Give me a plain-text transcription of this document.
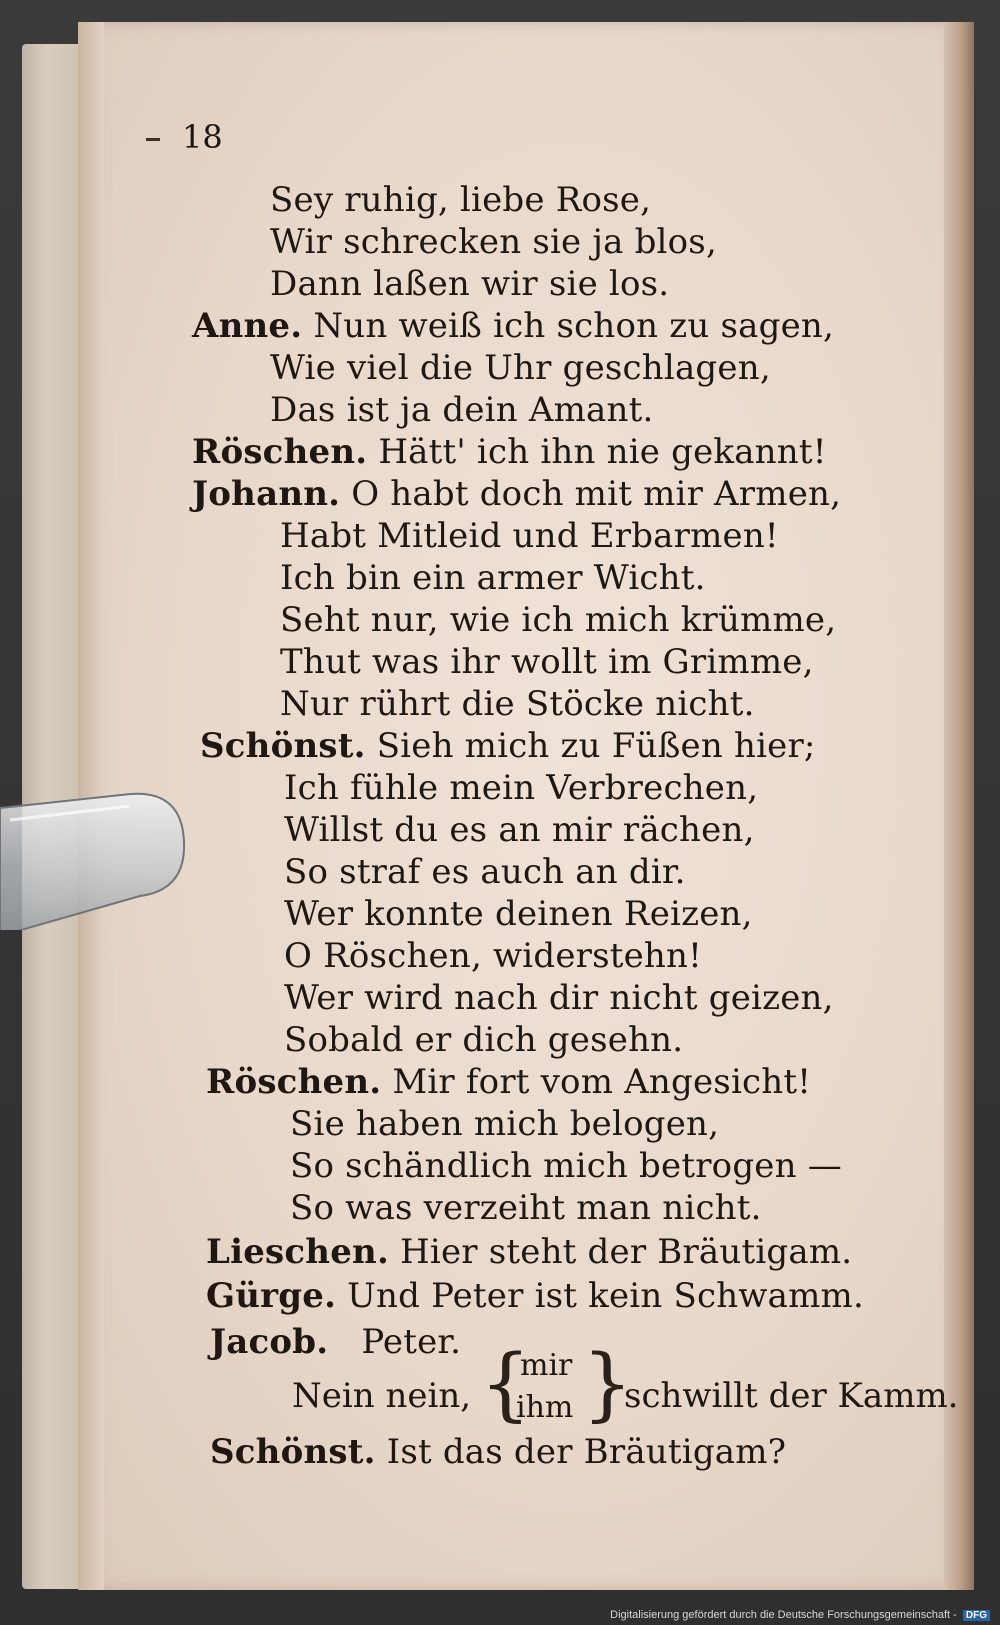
18
Sey ruhig, liebe Rose,
Wir schrecken sie ja blos,
Dann laßen wir sie los.
Anne. Nun weiß ich schon zu sagen,
Wie viel die Uhr geschlagen,
Das ist ja dein Amant.
Röschen. Hätt' ich ihn nie gekannt!
Johann. O habt doch mit mir Armen,
Habt Mitleid und Erbarmen!
Ich bin ein armer Wicht.
Seht nur, wie ich mich krümme,
Thut was ihr wollt im Grimme,
Nur rührt die Stöcke nicht.
Schönst. Sieh mich zu Füßen hier;
Ich fühle mein Verbrechen,
Willst du es an mir rächen,
So straf es auch an dir.
Wer konnte deinen Reizen,
O Röschen, widerstehn!
Wer wird nach dir nicht geizen,
Sobald er dich gesehn.
Röschen. Mir fort vom Angesicht!
Sie haben mich belogen,
So schändlich mich betrogen —
So was verzeiht man nicht.
Lieschen. Hier steht der Bräutigam.
Gürge. Und Peter ist kein Schwamm.
Jacob. Peter.
Nein nein, {
mir
ihm }
schwillt der Kamm.
Schönst. Ist das der Bräutigam?
Digitalisierung gefördert durch die Deutsche Forschungsgemeinschaft - DFG
